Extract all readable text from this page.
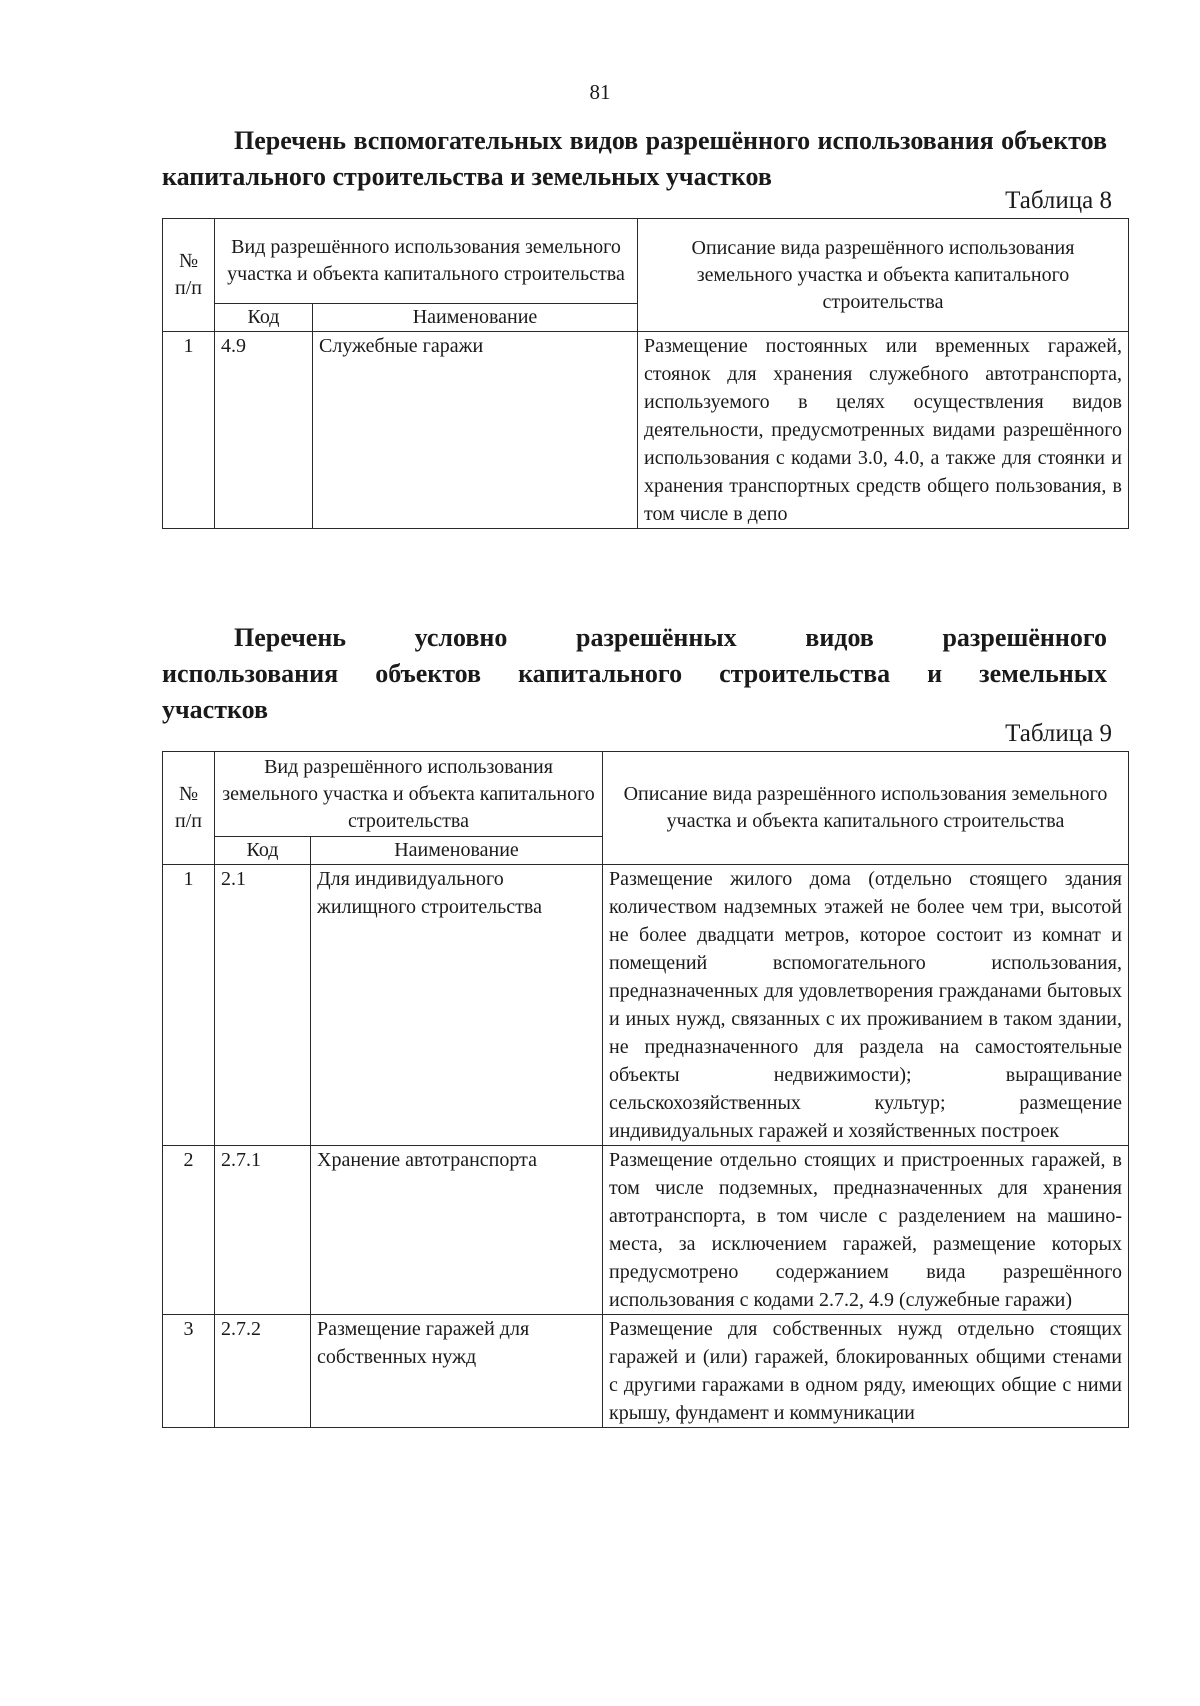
81
Перечень вспомогательных видов разрешённого использования объектов капитального строительства и земельных участков
Таблица 8
№ п/п	Вид разрешённого использования земельного участка и объекта капитального строительства		Описание вида разрешённого использования земельного участка и объекта капитального строительства
	Код	Наименование	
1	4.9	Служебные гаражи	Размещение постоянных или временных гаражей, стоянок для хранения служебного автотранспорта, используемого в целях осуществления видов деятельности, предусмотренных видами разрешённого использования с кодами 3.0, 4.0, а также для стоянки и хранения транспортных средств общего пользования, в том числе в депо
Перечень условно разрешённых видов разрешённого использования объектов капитального строительства и земельных участков
Таблица 9
№ п/п	Вид разрешённого использования земельного участка и объекта капитального строительства		Описание вида разрешённого использования земельного участка и объекта капитального строительства
	Код	Наименование	
1	2.1	Для индивидуального жилищного строительства	Размещение жилого дома (отдельно стоящего здания количеством надземных этажей не более чем три, высотой не более двадцати метров, которое состоит из комнат и помещений вспомогательного использования, предназначенных для удовлетворения гражданами бытовых и иных нужд, связанных с их проживанием в таком здании, не предназначенного для раздела на самостоятельные объекты недвижимости); выращивание сельскохозяйственных культур; размещение индивидуальных гаражей и хозяйственных построек
2	2.7.1	Хранение автотранспорта	Размещение отдельно стоящих и пристроенных гаражей, в том числе подземных, предназначенных для хранения автотранспорта, в том числе с разделением на машино-места, за исключением гаражей, размещение которых предусмотрено содержанием вида разрешённого использования с кодами 2.7.2, 4.9 (служебные гаражи)
3	2.7.2	Размещение гаражей для собственных нужд	Размещение для собственных нужд отдельно стоящих гаражей и (или) гаражей, блокированных общими стенами с другими гаражами в одном ряду, имеющих общие с ними крышу, фундамент и коммуникации
